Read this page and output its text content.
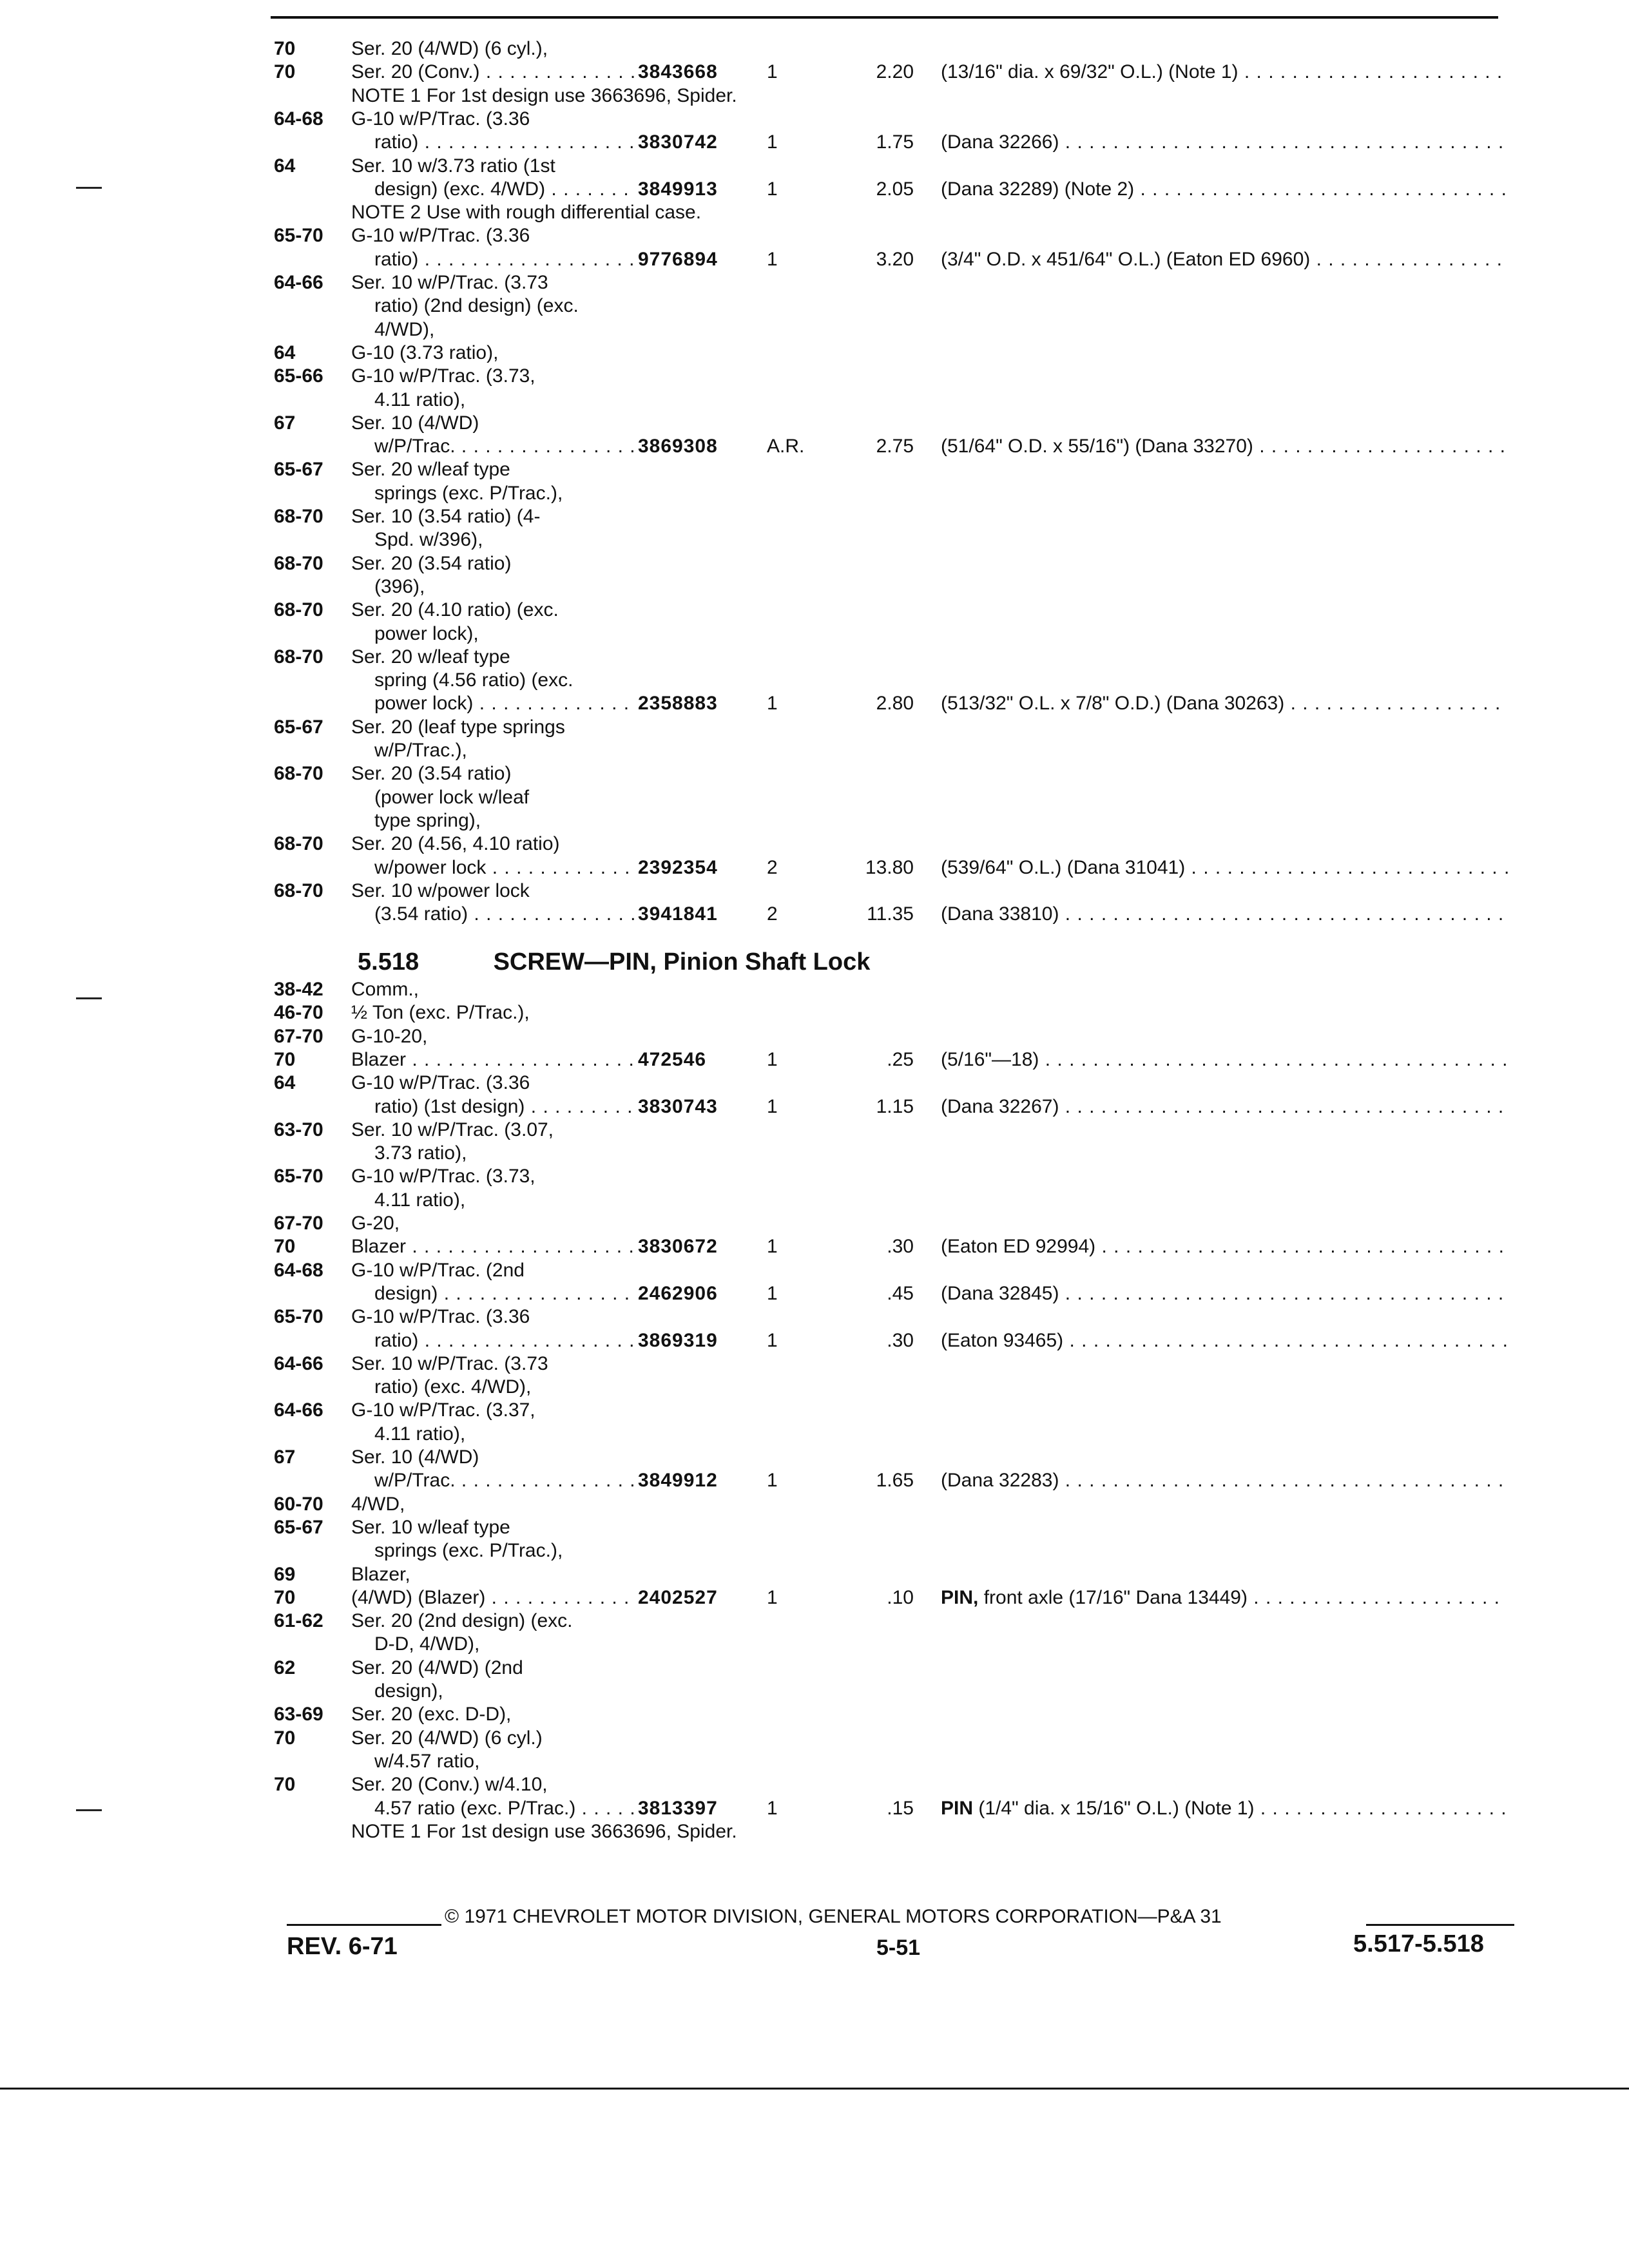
70	Ser. 20 (4/WD) (6 cyl.),
70	Ser. 20 (Conv.) . . .	3843668	1	2.20 (13/16" dia. x 69/32" O.L.) (Note 1) . . .
NOTE 1 For 1st design use 3663696, Spider.
64-68 G-10 w/P/Trac. (3.36
ratio) . . .	3830742	1	1.75 (Dana 32266) . . .
64	Ser. 10 w/3.73 ratio (1st
design) (exc. 4/WD) . . .	3849913	1	2.05 (Dana 32289) (Note 2) . . .
NOTE 2 Use with rough differential case.
65-70 G-10 w/P/Trac. (3.36
ratio) . . .	9776894	1	3.20 (3/4" O.D. x 451/64" O.L.) (Eaton ED 6960) . . .
64-66 Ser. 10 w/P/Trac. (3.73
ratio) (2nd design) (exc.
4/WD),
64	G-10 (3.73 ratio),
65-66 G-10 w/P/Trac. (3.73,
4.11 ratio),
67	Ser. 10 (4/WD)
w/P/Trac. . . .	3869308	A.R.	2.75 (51/64" O.D. x 55/16") (Dana 33270) . . .
65-67 Ser. 20 w/leaf type
springs (exc. P/Trac.),
68-70 Ser. 10 (3.54 ratio) (4-
Spd. w/396),
68-70 Ser. 20 (3.54 ratio)
(396),
68-70 Ser. 20 (4.10 ratio) (exc.
power lock),
68-70 Ser. 20 w/leaf type
spring (4.56 ratio) (exc.
power lock) . . .	2358883	1	2.80 (513/32" O.L. x 7/8" O.D.) (Dana 30263) . . .
65-67 Ser. 20 (leaf type springs
w/P/Trac.),
68-70 Ser. 20 (3.54 ratio)
(power lock w/leaf
type spring),
68-70 Ser. 20 (4.56, 4.10 ratio)
w/power lock . . .	2392354	2	13.80 (539/64" O.L.) (Dana 31041) . . .
68-70 Ser. 10 w/power lock
(3.54 ratio) . . .	3941841	2	11.35 (Dana 33810) . . .
5.518	SCREW—PIN, Pinion Shaft Lock
38-42 Comm.,
46-70 ½ Ton (exc. P/Trac.),
67-70 G-10-20,
70	Blazer . . .	472546	1	.25 (5/16"—18) . . .
64	G-10 w/P/Trac. (3.36
ratio) (1st design) . . .	3830743	1	1.15 (Dana 32267) . . .
63-70 Ser. 10 w/P/Trac. (3.07,
3.73 ratio),
65-70 G-10 w/P/Trac. (3.73,
4.11 ratio),
67-70 G-20,
70	Blazer . . .	3830672	1	.30 (Eaton ED 92994) . . .
64-68 G-10 w/P/Trac. (2nd
design) . . .	2462906	1	.45 (Dana 32845) . . .
65-70 G-10 w/P/Trac. (3.36
ratio) . . .	3869319	1	.30 (Eaton 93465) . . .
64-66 Ser. 10 w/P/Trac. (3.73
ratio) (exc. 4/WD),
64-66 G-10 w/P/Trac. (3.37,
4.11 ratio),
67	Ser. 10 (4/WD)
w/P/Trac. . . .	3849912	1	1.65 (Dana 32283) . . .
60-70 4/WD,
65-67 Ser. 10 w/leaf type
springs (exc. P/Trac.),
69	Blazer,
70	(4/WD) (Blazer) . . .	2402527	1	.10 PIN, front axle (17/16" Dana 13449) . . .
61-62 Ser. 20 (2nd design) (exc.
D-D, 4/WD),
62	Ser. 20 (4/WD) (2nd
design),
63-69 Ser. 20 (exc. D-D),
70	Ser. 20 (4/WD) (6 cyl.)
w/4.57 ratio,
70	Ser. 20 (Conv.) w/4.10,
4.57 ratio (exc. P/Trac.) . . .	3813397	1	.15 PIN (1/4" dia. x 15/16" O.L.) (Note 1) . . .
NOTE 1 For 1st design use 3663696, Spider.
© 1971 CHEVROLET MOTOR DIVISION, GENERAL MOTORS CORPORATION—P&A 31
REV. 6-71	5-51	5.517-5.518
